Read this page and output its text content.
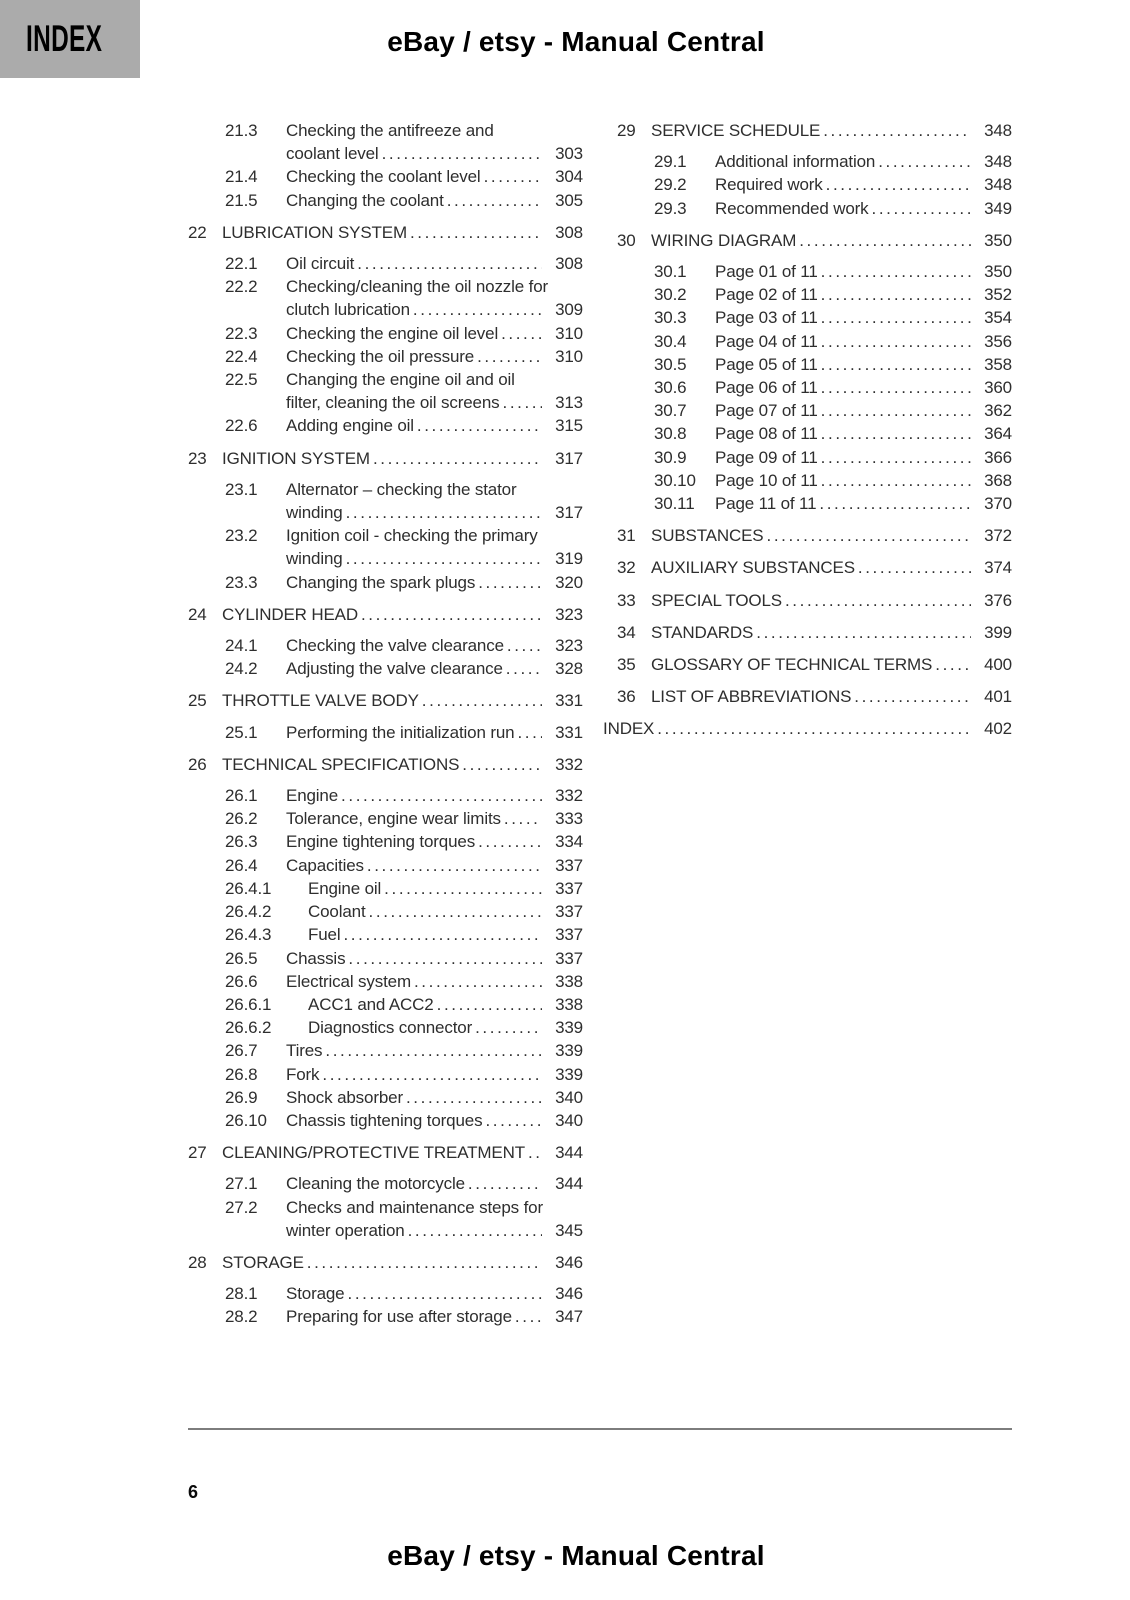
INDEX	eBay / etsy - Manual Central
21.3	Checking the antifreeze and
coolant level .....	303
21.4	Checking the coolant level .....	304
21.5	Changing the coolant .....	305
22 LUBRICATION SYSTEM .....	308
22.1	Oil circuit .....	308
22.2	Checking/cleaning the oil nozzle for
clutch lubrication .....	309
22.3	Checking the engine oil level .....	310
22.4	Checking the oil pressure .....	310
22.5	Changing the engine oil and oil
filter, cleaning the oil screens .....	313
22.6	Adding engine oil .....	315
23 IGNITION SYSTEM .....	317
23.1	Alternator – checking the stator
winding .....	317
23.2	Ignition coil - checking the primary
winding .....	319
23.3	Changing the spark plugs .....	320
24 CYLINDER HEAD .....	323
24.1	Checking the valve clearance .....	323
24.2	Adjusting the valve clearance .....	328
25 THROTTLE VALVE BODY .....	331
25.1	Performing the initialization run .....	331
26 TECHNICAL SPECIFICATIONS .....	332
26.1	Engine .....	332
26.2	Tolerance, engine wear limits .....	333
26.3	Engine tightening torques .....	334
26.4	Capacities .....	337
26.4.1	Engine oil .....	337
26.4.2	Coolant .....	337
26.4.3	Fuel .....	337
26.5	Chassis .....	337
26.6	Electrical system .....	338
26.6.1	ACC1 and ACC2 .....	338
26.6.2	Diagnostics connector .....	339
26.7	Tires .....	339
26.8	Fork .....	339
26.9	Shock absorber .....	340
26.10	Chassis tightening torques .....	340
27 CLEANING/PROTECTIVE TREATMENT .....	344
27.1	Cleaning the motorcycle .....	344
27.2	Checks and maintenance steps for
winter operation .....	345
28 STORAGE .....	346
28.1	Storage .....	346
28.2	Preparing for use after storage .....	347
29 SERVICE SCHEDULE .....	348
29.1	Additional information .....	348
29.2	Required work .....	348
29.3	Recommended work .....	349
30 WIRING DIAGRAM .....	350
30.1	Page 01 of 11 .....	350
30.2	Page 02 of 11 .....	352
30.3	Page 03 of 11 .....	354
30.4	Page 04 of 11 .....	356
30.5	Page 05 of 11 .....	358
30.6	Page 06 of 11 .....	360
30.7	Page 07 of 11 .....	362
30.8	Page 08 of 11 .....	364
30.9	Page 09 of 11 .....	366
30.10	Page 10 of 11 .....	368
30.11	Page 11 of 11 .....	370
31 SUBSTANCES .....	372
32 AUXILIARY SUBSTANCES .....	374
33 SPECIAL TOOLS .....	376
34 STANDARDS .....	399
35 GLOSSARY OF TECHNICAL TERMS .....	400
36 LIST OF ABBREVIATIONS .....	401
INDEX .....	402
6
eBay / etsy - Manual Central
